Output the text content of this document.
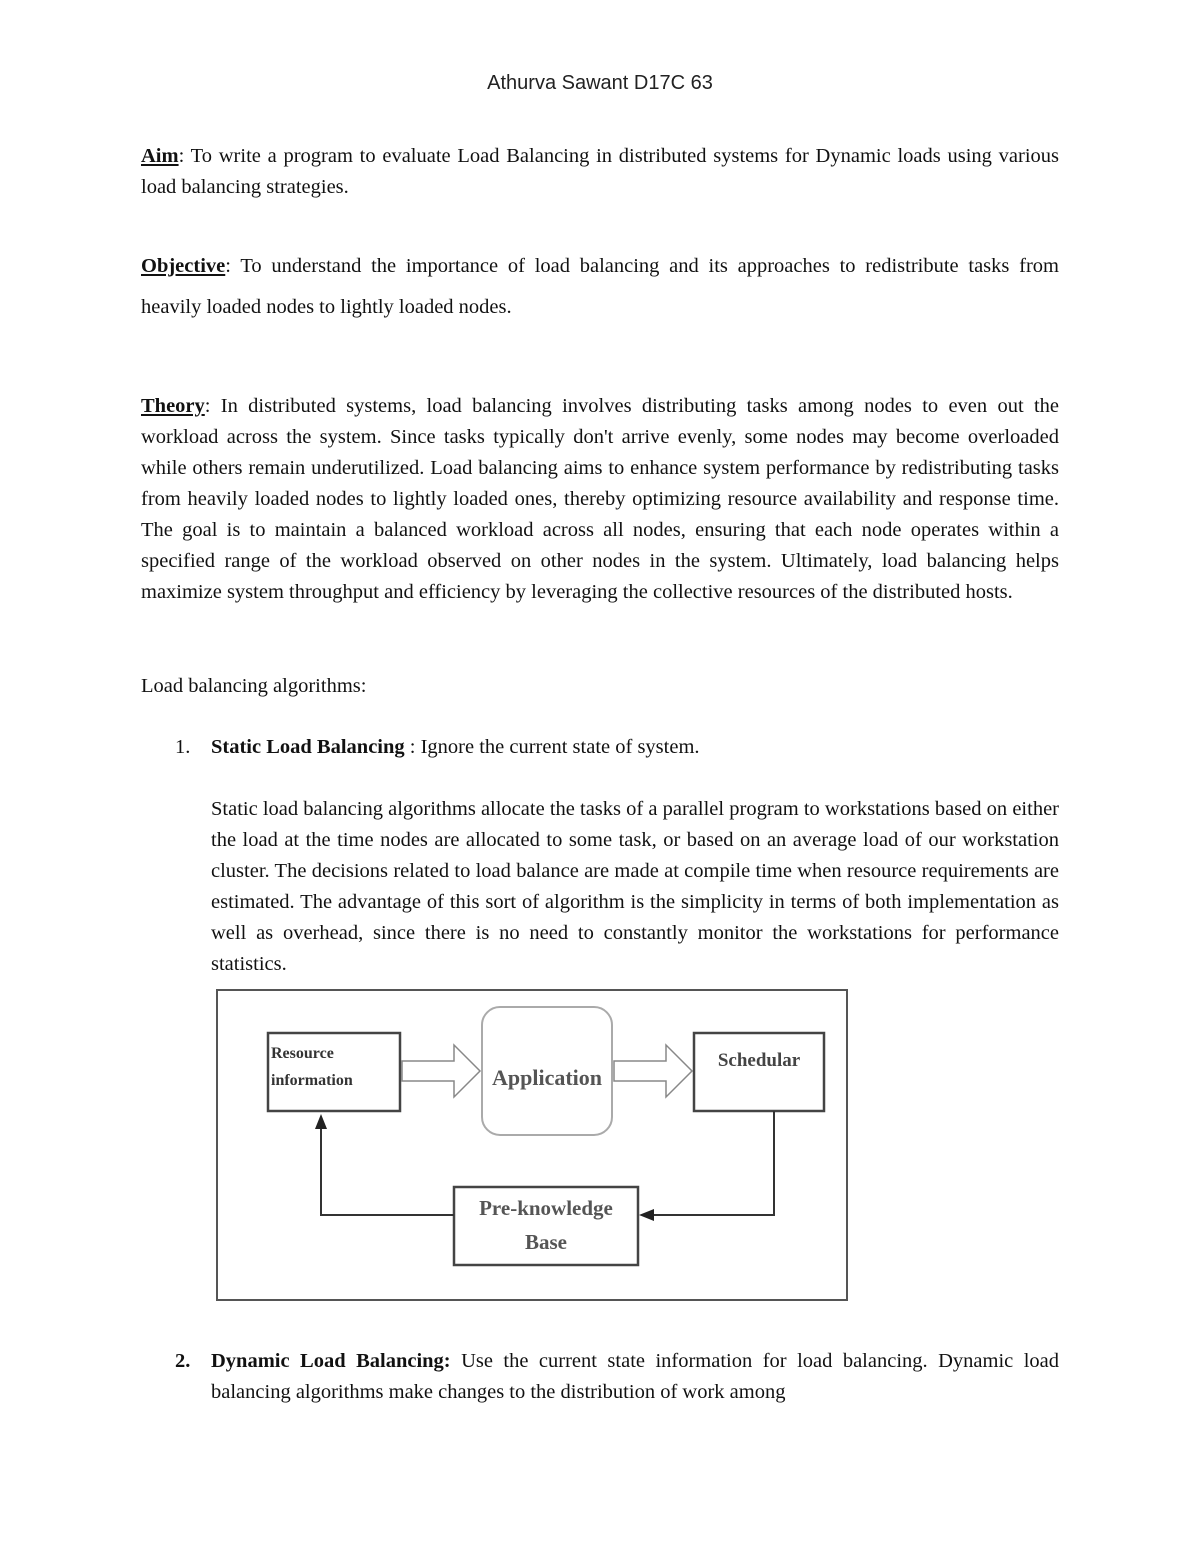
Athurva Sawant D17C 63
Aim: To write a program to evaluate Load Balancing in distributed systems for Dynamic loads using various load balancing strategies.
Objective: To understand the importance of load balancing and its approaches to redistribute tasks from heavily loaded nodes to lightly loaded nodes.
Theory: In distributed systems, load balancing involves distributing tasks among nodes to even out the workload across the system. Since tasks typically don't arrive evenly, some nodes may become overloaded while others remain underutilized. Load balancing aims to enhance system performance by redistributing tasks from heavily loaded nodes to lightly loaded ones, thereby optimizing resource availability and response time. The goal is to maintain a balanced workload across all nodes, ensuring that each node operates within a specified range of the workload observed on other nodes in the system. Ultimately, load balancing helps maximize system throughput and efficiency by leveraging the collective resources of the distributed hosts.
Load balancing algorithms:
1. Static Load Balancing : Ignore the current state of system.
Static load balancing algorithms allocate the tasks of a parallel program to workstations based on either the load at the time nodes are allocated to some task, or based on an average load of our workstation cluster. The decisions related to load balance are made at compile time when resource requirements are estimated. The advantage of this sort of algorithm is the simplicity in terms of both implementation as well as overhead, since there is no need to constantly monitor the workstations for performance statistics.
Resource
information	Application
Schedular
Pre-knowledge
Base
2. Dynamic Load Balancing: Use the current state information for load balancing. Dynamic load balancing algorithms make changes to the distribution of work among
